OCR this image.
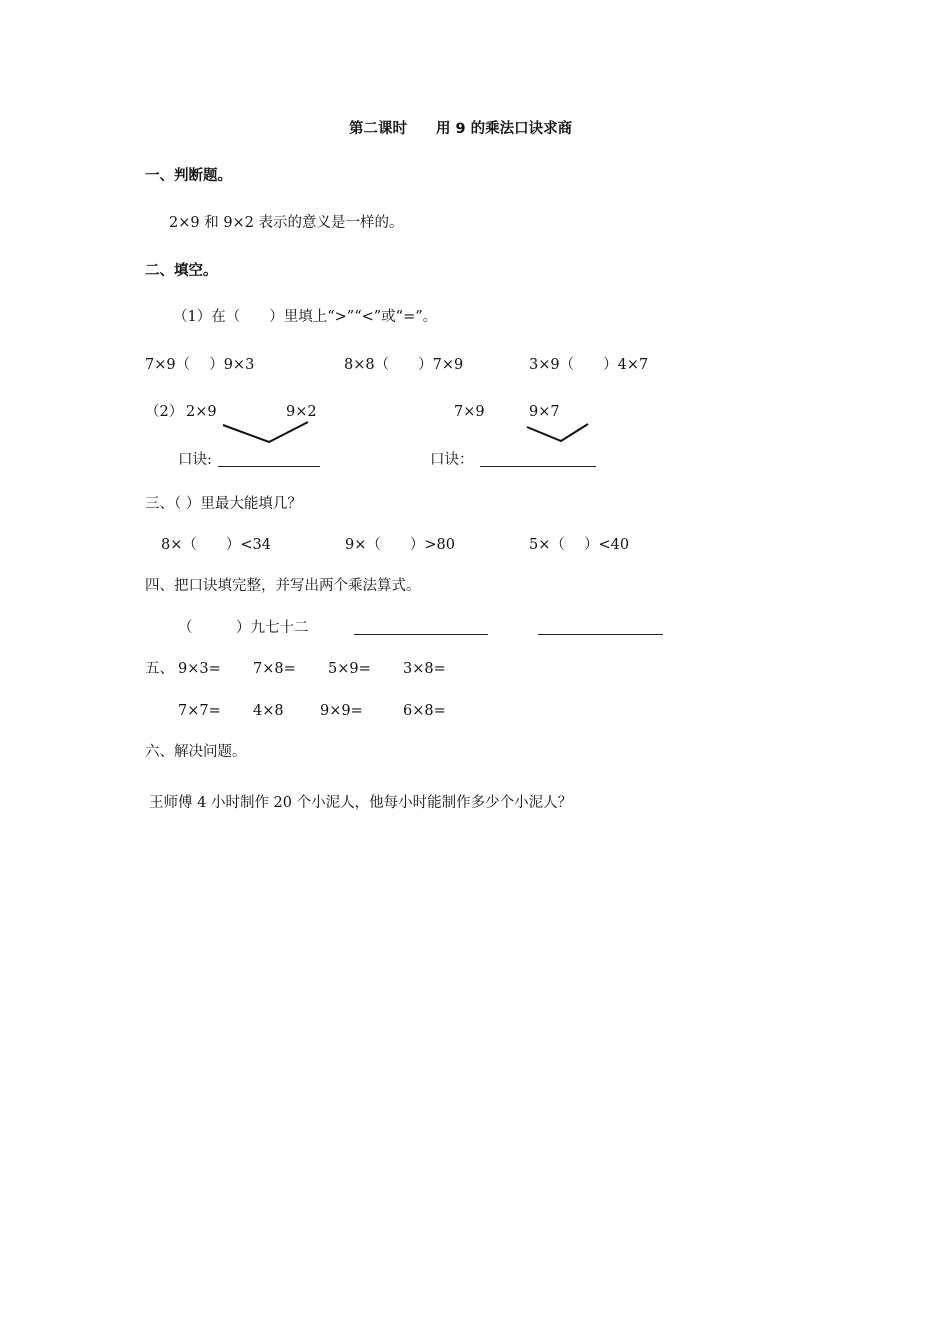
第二课时　　用 9 的乘法口诀求商
一、判断题。
2×9 和 9×2 表示的意义是一样的。
二、填空。
（1）在（　　）里填上“>”“<”或“=”。
7×9（　 ）9×3	8×8（　　）7×9	3×9（　　）4×7
（2） 2×9	9×2	7×9	9×7
口诀:	口诀：
三、（ ）里最大能填几？
8×（　　）<34	9×（　　）>80	5×（　 ）<40
四、把口诀填完整，并写出两个乘法算式。
（　　　）九七十二
五、 9×3= 7×8= 5×9= 3×8=
7×7= 4×8	9×9=	6×8=
六、解决问题。
王师傅 4 小时制作 20 个小泥人，他每小时能制作多少个小泥人？
